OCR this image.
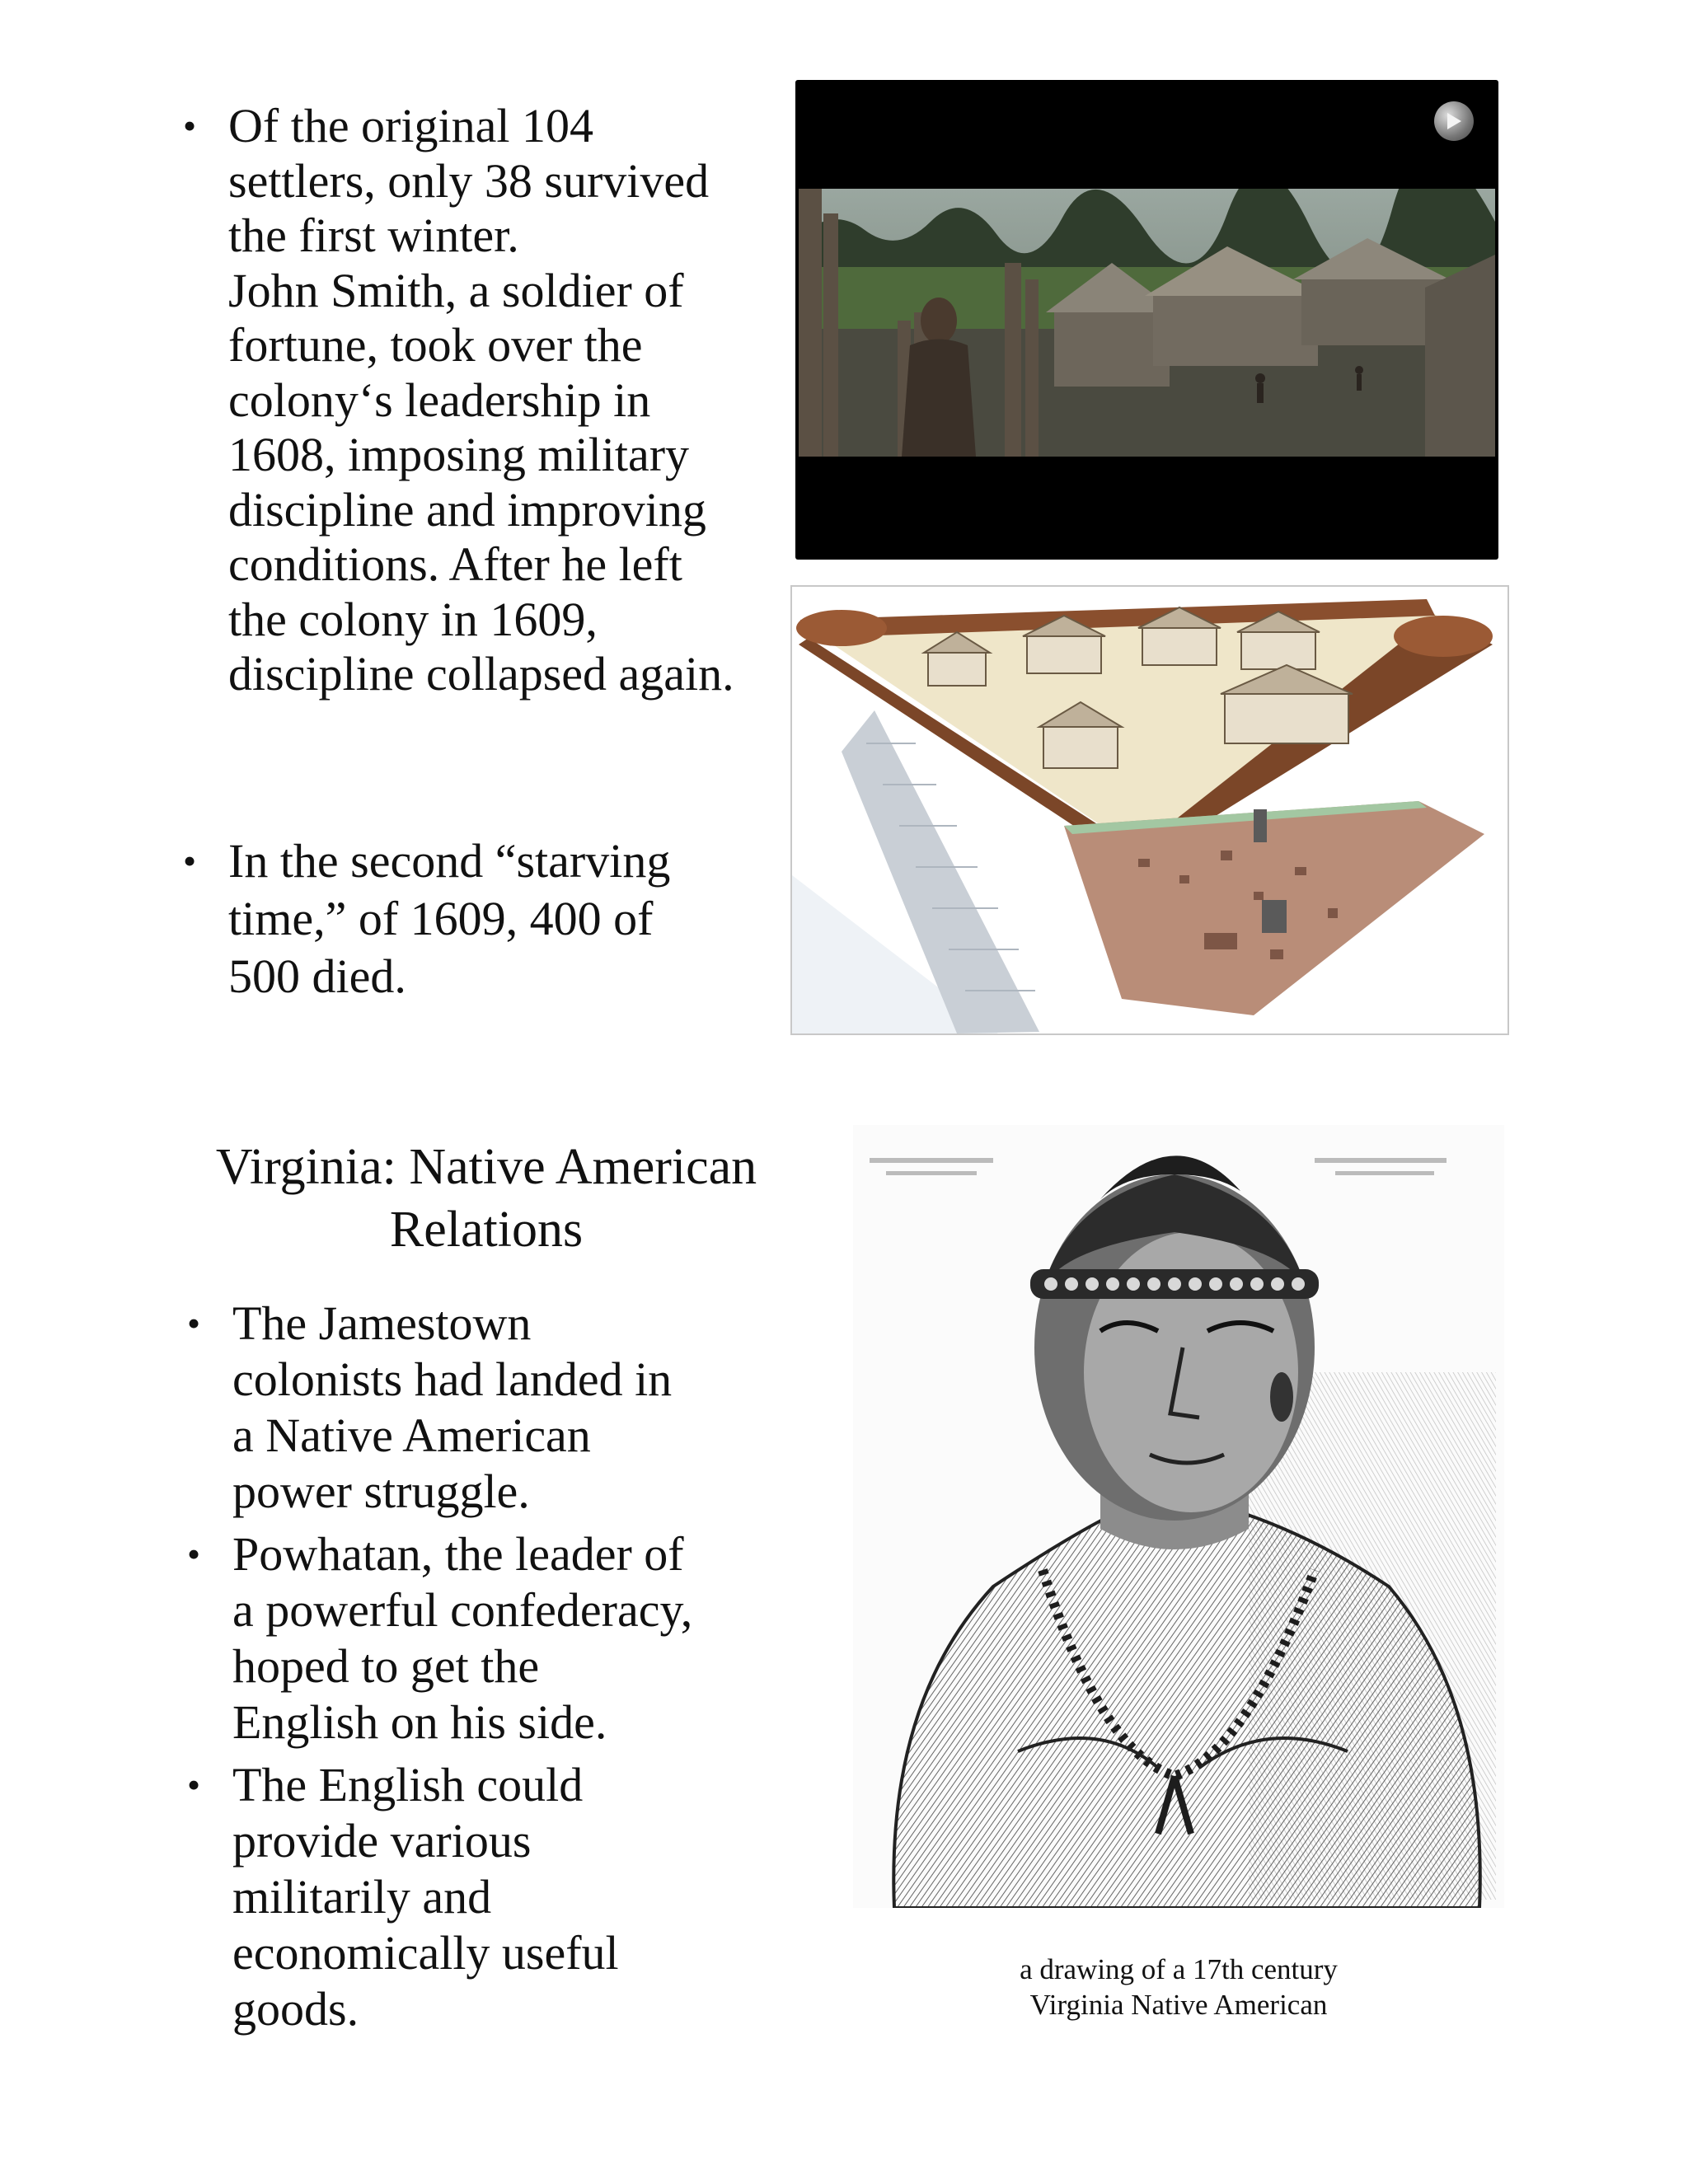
• Of the original 104

settlers, only 38 survived

the first winter.

John Smith, a soldier of

fortune, took over the

colony‘s leadership in

1608, imposing military

discipline and improving

conditions. After he left

the colony in 1609,

discipline collapsed again.

• In the second “starving

time,” of 1609, 400 of

500 died.

Virginia: Native American
Relations
• The Jamestown
colonists had landed in
a Native American
power struggle.
• Powhatan, the leader of
a powerful confederacy,
hoped to get the
English on his side.
• The English could
provide various
militarily and
economically useful
goods.
a drawing of a 17th century
Virginia Native American
